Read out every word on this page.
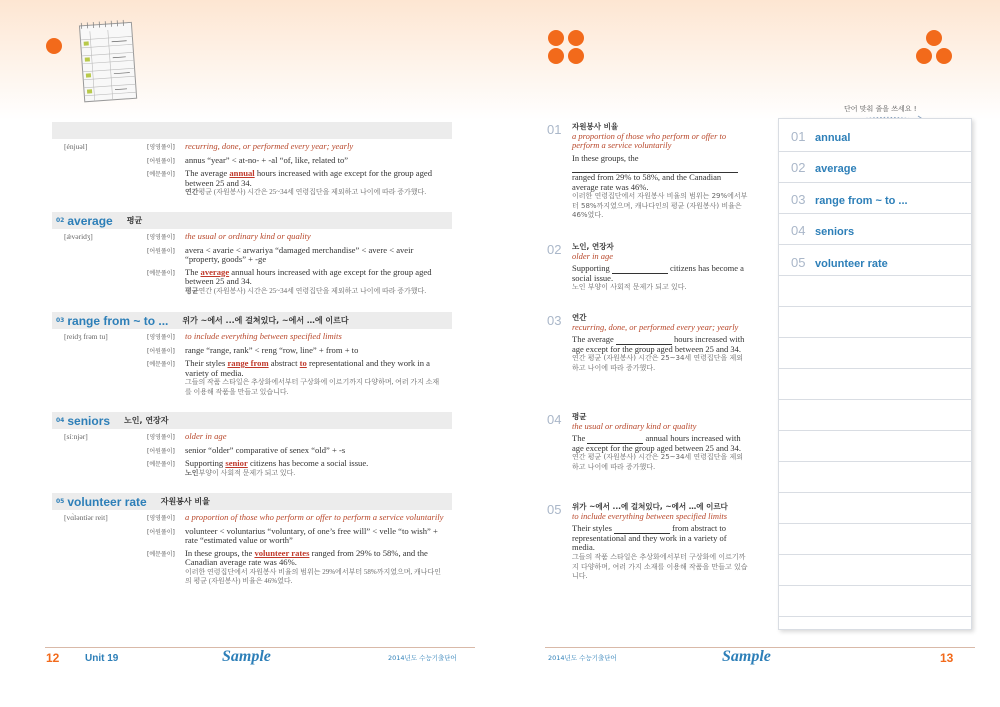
[énjuəl]	[영영풀이]	recurring, done, or performed every year; yearly
[어원풀이]	annus “year” < at-no- + -al “of, like, related to”
[예문풀이]	The average annual hours increased with age except for the group aged between 25 and 34.
연간평균 (자원봉사) 시간은 25~34세 연령집단을 제외하고 나이에 따라 증가했다.
02 average 평균
[ǽvəridʒ]	[영영풀이]	the usual or ordinary kind or quality
[어원풀이]	avera < avarie < arwariya “damaged merchandise” < avere < aveir “property, goods” + -ge
[예문풀이]	The average annual hours increased with age except for the group aged between 25 and 34.
평균연간 (자원봉사) 시간은 25~34세 연령집단을 제외하고 나이에 따라 증가했다.
03 range from ~ to ... 위가 ~에서 ...에 걸쳐있다, ~에서 …에 이르다
[reidʒ frəm tu]	[영영풀이]	to include everything between specified limits
[어원풀이]	range “range, rank” < reng “row, line” + from + to
[예문풀이]	Their styles range from abstract to representational and they work in a variety of media.
그들의 작품 스타일은 추상화에서부터 구상화에 이르기까지 다양하며, 여러 가지 소재를 이용해 작품을 만들고 있습니다.
04 seniors 노인, 연장자
[síːnjər]	[영영풀이]	older in age
[어원풀이]	senior “older” comparative of senex “old” + -s
[예문풀이]	Supporting senior citizens has become a social issue.
노인부양이 사회적 문제가 되고 있다.
05 volunteer rate 자원봉사 비율
[vɑ̀ləntíər reit]	[영영풀이]	a proportion of those who perform or offer to perform a service voluntarily
[어원풀이]	volunteer < voluntarius “voluntary, of one’s free will” < velle “to wish” + rate “estimated value or worth”
[예문풀이]	In these groups, the volunteer rates ranged from 29% to 58%, and the Canadian average rate was 46%.
이러한 연령집단에서 자원봉사 비율의 범위는 29%에서부터 58%까지였으며, 캐나다인의 평균 (자원봉사) 비율은 46%였다.
12	Unit 19	Sample	2014년도 수능기출단어
01 자원봉사 비율
a proportion of those who perform or offer to perform a service voluntarily
In these groups, the  ranged from 29% to 58%, and the Canadian average rate was 46%.
이러한 연령집단에서 자원봉사 비율의 범위는 29%에서부터 58%까지였으며, 캐나다인의 평균 (자원봉사) 비율은 46%였다.
02 노인, 연장자
older in age
Supporting	citizens has become a social issue.
노인 부양이 사회적 문제가 되고 있다.
03 연간
recurring, done, or performed every year; yearly
The average	hours increased with age except for the group aged between 25 and 34.
연간 평균 (자원봉사) 시간은 25~34세 연령집단을 제외하고 나이에 따라 증가했다.
04 평균
the usual or ordinary kind or quality
The	annual hours increased with age except for the group aged between 25 and 34.
연간 평균 (자원봉사) 시간은 25~34세 연령집단을 제외하고 나이에 따라 증가했다.
05 위가 ~에서 ...에 걸쳐있다, ~에서 …에 이르다
to include everything between specified limits
Their styles	from abstract to representational and they work in a variety of media.
그들의 작품 스타일은 추상화에서부터 구상화에 이르기까지 다양하며, 여러 가지 소재를 이용해 작품을 만들고 있습니다.
단어 맞춰 줄을 쓰세요 !
01 annual
02 average
03 range from ~ to ...
04 seniors
05 volunteer rate
2014년도 수능기출단어	Sample	13
